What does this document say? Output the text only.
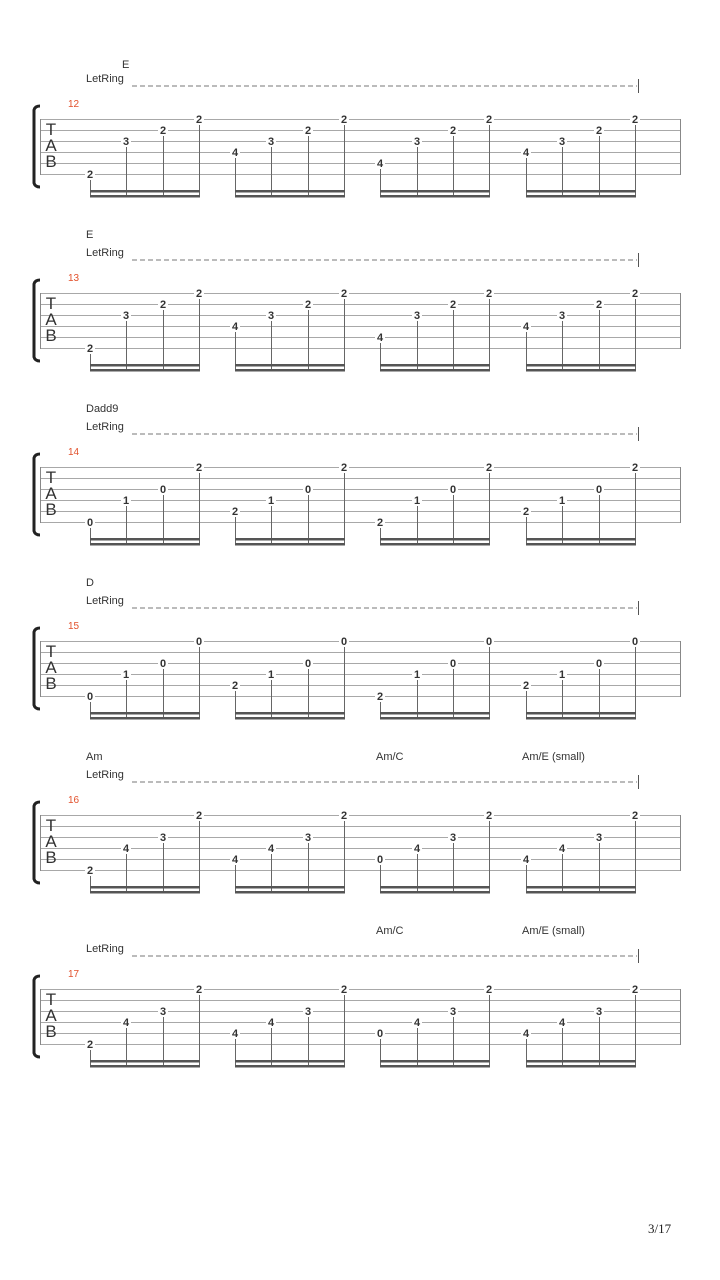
E
LetRing
12
T
A
B
2
3
2
2
4
3
2
2
4
3
2
2
4
3
2
2
E
LetRing
13
T
A
B
2
3
2
2
4
3
2
2
4
3
2
2
4
3
2
2
Dadd9
LetRing
14
T
A
B
0
1
0
2
2
1
0
2
2
1
0
2
2
1
0
2
D
LetRing
15
T
A
B
0
1
0
0
2
1
0
0
2
1
0
0
2
1
0
0
Am	Am/C	Am/E (small)
LetRing
16
T
A
B
2
4
3
2
4
4
3
2
0
4
3
2
4
4
3
2
Am/C	Am/E (small)
LetRing
17
T
A
B
2
4
3
2
4
4
3
2
0
4
3
2
4
4
3
2
3/17
